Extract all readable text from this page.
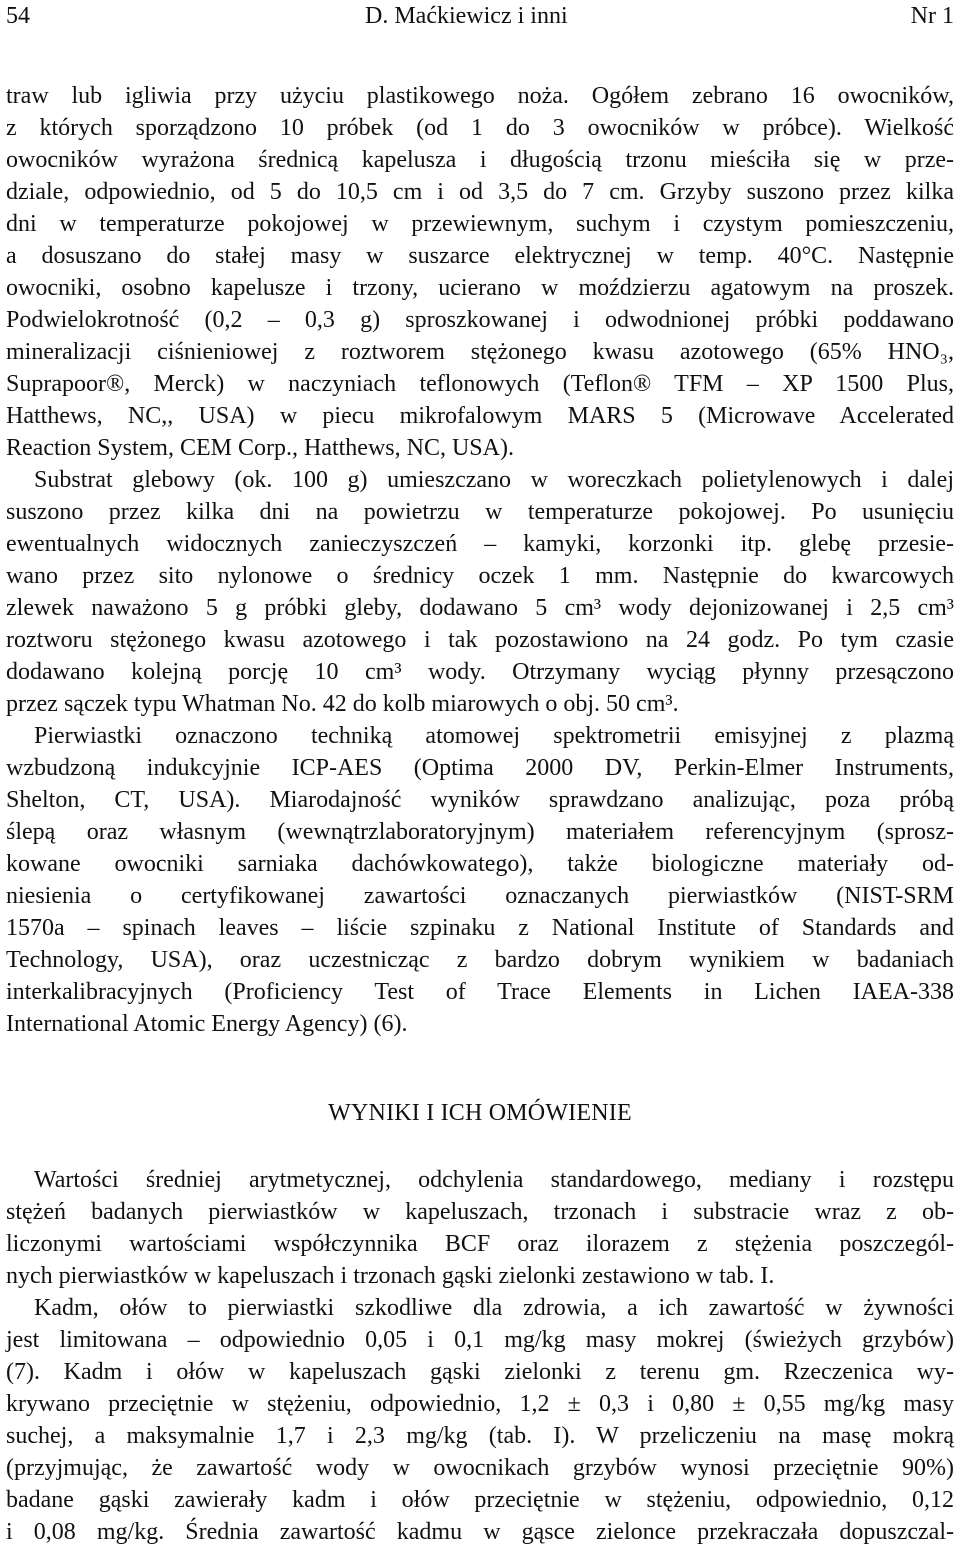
54	D. Maćkiewicz i inni	Nr 1
traw lub igliwia przy użyciu plastikowego noża. Ogółem zebrano 16 owocników,
z których sporządzono 10 próbek (od 1 do 3 owocników w próbce). Wielkość
owocników wyrażona średnicą kapelusza i długością trzonu mieściła się w prze-
dziale, odpowiednio, od 5 do 10,5 cm i od 3,5 do 7 cm. Grzyby suszono przez kilka
dni w temperaturze pokojowej w przewiewnym, suchym i czystym pomieszczeniu,
a dosuszano do stałej masy w suszarce elektrycznej w temp. 40°C. Następnie
owocniki, osobno kapelusze i trzony, ucierano w moździerzu agatowym na proszek.
Podwielokrotność (0,2 – 0,3 g) sproszkowanej i odwodnionej próbki poddawano
mineralizacji ciśnieniowej z roztworem stężonego kwasu azotowego (65% HNO₃,
Suprapoor®, Merck) w naczyniach teflonowych (Teflon® TFM – XP 1500 Plus,
Hatthews, NC,, USA) w piecu mikrofalowym MARS 5 (Microwave Accelerated
Reaction System, CEM Corp., Hatthews, NC, USA).
Substrat glebowy (ok. 100 g) umieszczano w woreczkach polietylenowych i dalej
suszono przez kilka dni na powietrzu w temperaturze pokojowej. Po usunięciu
ewentualnych widocznych zanieczyszczeń – kamyki, korzonki itp. glebę przesie-
wano przez sito nylonowe o średnicy oczek 1 mm. Następnie do kwarcowych
zlewek naważono 5 g próbki gleby, dodawano 5 cm³ wody dejonizowanej i 2,5 cm³
roztworu stężonego kwasu azotowego i tak pozostawiono na 24 godz. Po tym czasie
dodawano kolejną porcję 10 cm³ wody. Otrzymany wyciąg płynny przesączono
przez sączek typu Whatman No. 42 do kolb miarowych o obj. 50 cm³.
Pierwiastki oznaczono techniką atomowej spektrometrii emisyjnej z plazmą
wzbudzoną indukcyjnie ICP-AES (Optima 2000 DV, Perkin-Elmer Instruments,
Shelton, CT, USA). Miarodajność wyników sprawdzano analizując, poza próbą
ślepą oraz własnym (wewnątrzlaboratoryjnym) materiałem referencyjnym (sprosz-
kowane owocniki sarniaka dachówkowatego), także biologiczne materiały od-
niesienia o certyfikowanej zawartości oznaczanych pierwiastków (NIST-SRM
1570a – spinach leaves – liście szpinaku z National Institute of Standards and
Technology, USA), oraz uczestnicząc z bardzo dobrym wynikiem w badaniach
interkalibracyjnych (Proficiency Test of Trace Elements in Lichen IAEA-338
International Atomic Energy Agency) (6).
WYNIKI I ICH OMÓWIENIE
Wartości średniej arytmetycznej, odchylenia standardowego, mediany i rozstępu
stężeń badanych pierwiastków w kapeluszach, trzonach i substracie wraz z ob-
liczonymi wartościami współczynnika BCF oraz ilorazem z stężenia poszczegól-
nych pierwiastków w kapeluszach i trzonach gąski zielonki zestawiono w tab. I.
Kadm, ołów to pierwiastki szkodliwe dla zdrowia, a ich zawartość w żywności
jest limitowana – odpowiednio 0,05 i 0,1 mg/kg masy mokrej (świeżych grzybów)
(7). Kadm i ołów w kapeluszach gąski zielonki z terenu gm. Rzeczenica wy-
krywano przeciętnie w stężeniu, odpowiednio, 1,2 ± 0,3 i 0,80 ± 0,55 mg/kg masy
suchej, a maksymalnie 1,7 i 2,3 mg/kg (tab. I). W przeliczeniu na masę mokrą
(przyjmując, że zawartość wody w owocnikach grzybów wynosi przeciętnie 90%)
badane gąski zawierały kadm i ołów przeciętnie w stężeniu, odpowiednio, 0,12
i 0,08 mg/kg. Średnia zawartość kadmu w gąsce zielonce przekraczała dopuszczal-
